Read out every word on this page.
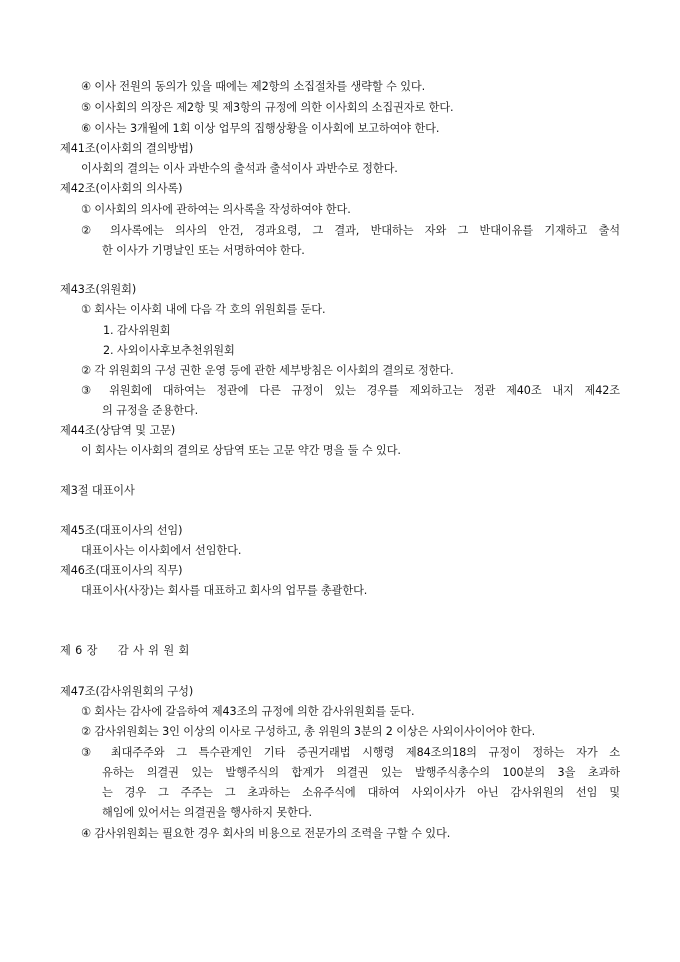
④ 이사 전원의 동의가 있을 때에는 제2항의 소집절차를 생략할 수 있다.
⑤ 이사회의 의장은 제2항 및 제3항의 규정에 의한 이사회의 소집권자로 한다.
⑥ 이사는 3개월에 1회 이상 업무의 집행상황을 이사회에 보고하여야 한다.
제41조(이사회의 결의방법)
이사회의 결의는 이사 과반수의 출석과 출석이사 과반수로 정한다.
제42조(이사회의 의사록)
① 이사회의 의사에 관하여는 의사록을 작성하여야 한다.
② 의사록에는 의사의 안건, 경과요령, 그 결과, 반대하는 자와 그 반대이유를 기재하고 출석
한 이사가 기명날인 또는 서명하여야 한다.
제43조(위원회)
① 회사는 이사회 내에 다음 각 호의 위원회를 둔다.
1. 감사위원회
2. 사외이사후보추천위원회
② 각 위원회의 구성 권한 운영 등에 관한 세부방침은 이사회의 결의로 정한다.
③ 위원회에 대하여는 정관에 다른 규정이 있는 경우를 제외하고는 정관 제40조 내지 제42조
의 규정을 준용한다.
제44조(상담역 및 고문)
이 회사는 이사회의 결의로 상담역 또는 고문 약간 명을 둘 수 있다.
제3절 대표이사
제45조(대표이사의 선임)
대표이사는 이사회에서 선임한다.
제46조(대표이사의 직무)
대표이사(사장)는 회사를 대표하고 회사의 업무를 총괄한다.
제 6 장 감 사 위 원 회
제47조(감사위원회의 구성)
① 회사는 감사에 갈음하여 제43조의 규정에 의한 감사위원회를 둔다.
② 감사위원회는 3인 이상의 이사로 구성하고, 총 위원의 3분의 2 이상은 사외이사이어야 한다.
③ 최대주주와 그 특수관계인 기타 증권거래법 시행령 제84조의18의 규정이 정하는 자가 소
유하는 의결권 있는 발행주식의 합계가 의결권 있는 발행주식총수의 100분의 3을 초과하
는 경우 그 주주는 그 초과하는 소유주식에 대하여 사외이사가 아닌 감사위원의 선임 및
해임에 있어서는 의결권을 행사하지 못한다.
④ 감사위원회는 필요한 경우 회사의 비용으로 전문가의 조력을 구할 수 있다.
